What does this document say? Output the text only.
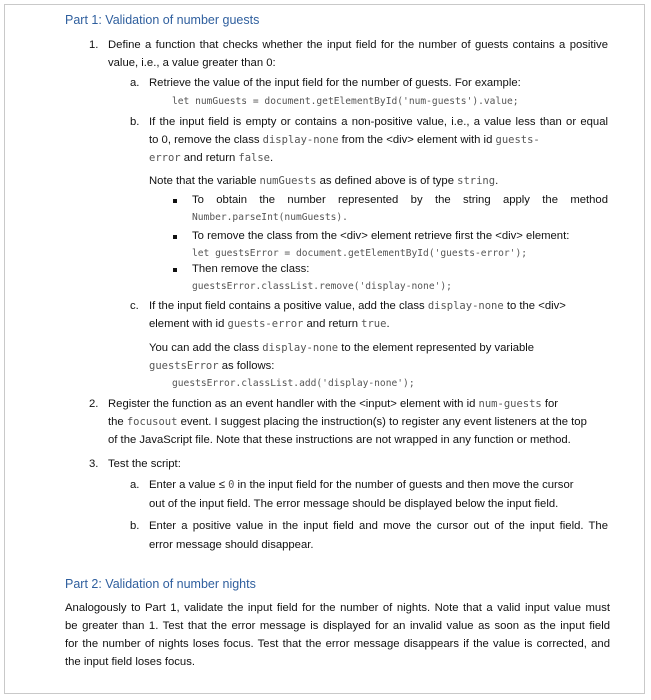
Part 1: Validation of number guests
1. Define a function that checks whether the input field for the number of guests contains a positive
value, i.e., a value greater than 0:
a. Retrieve the value of the input field for the number of guests. For example:
let numGuests = document.getElementById('num-guests').value;
b. If the input field is empty or contains a non-positive value, i.e., a value less than or equal
to 0, remove the class display-none from the <div> element with id guests-
error and return false.
Note that the variable numGuests as defined above is of type string.
To obtain the number represented by the string apply the method
Number.parseInt(numGuests).
To remove the class from the <div> element retrieve first the <div> element:
let guestsError = document.getElementById('guests-error');
Then remove the class:
guestsError.classList.remove('display-none');
c. If the input field contains a positive value, add the class display-none to the <div>
element with id guests-error and return true.
You can add the class display-none to the element represented by variable
guestsError as follows:
guestsError.classList.add('display-none');
2. Register the function as an event handler with the <input> element with id num-guests for
the focusout event. I suggest placing the instruction(s) to register any event listeners at the top
of the JavaScript file. Note that these instructions are not wrapped in any function or method.
3. Test the script:
a. Enter a value ≤ 0 in the input field for the number of guests and then move the cursor
out of the input field. The error message should be displayed below the input field.
b. Enter a positive value in the input field and move the cursor out of the input field. The
error message should disappear.
Part 2: Validation of number nights
Analogously to Part 1, validate the input field for the number of nights. Note that a valid input value must
be greater than 1. Test that the error message is displayed for an invalid value as soon as the input field
for the number of nights loses focus. Test that the error message disappears if the value is corrected, and
the input field loses focus.
